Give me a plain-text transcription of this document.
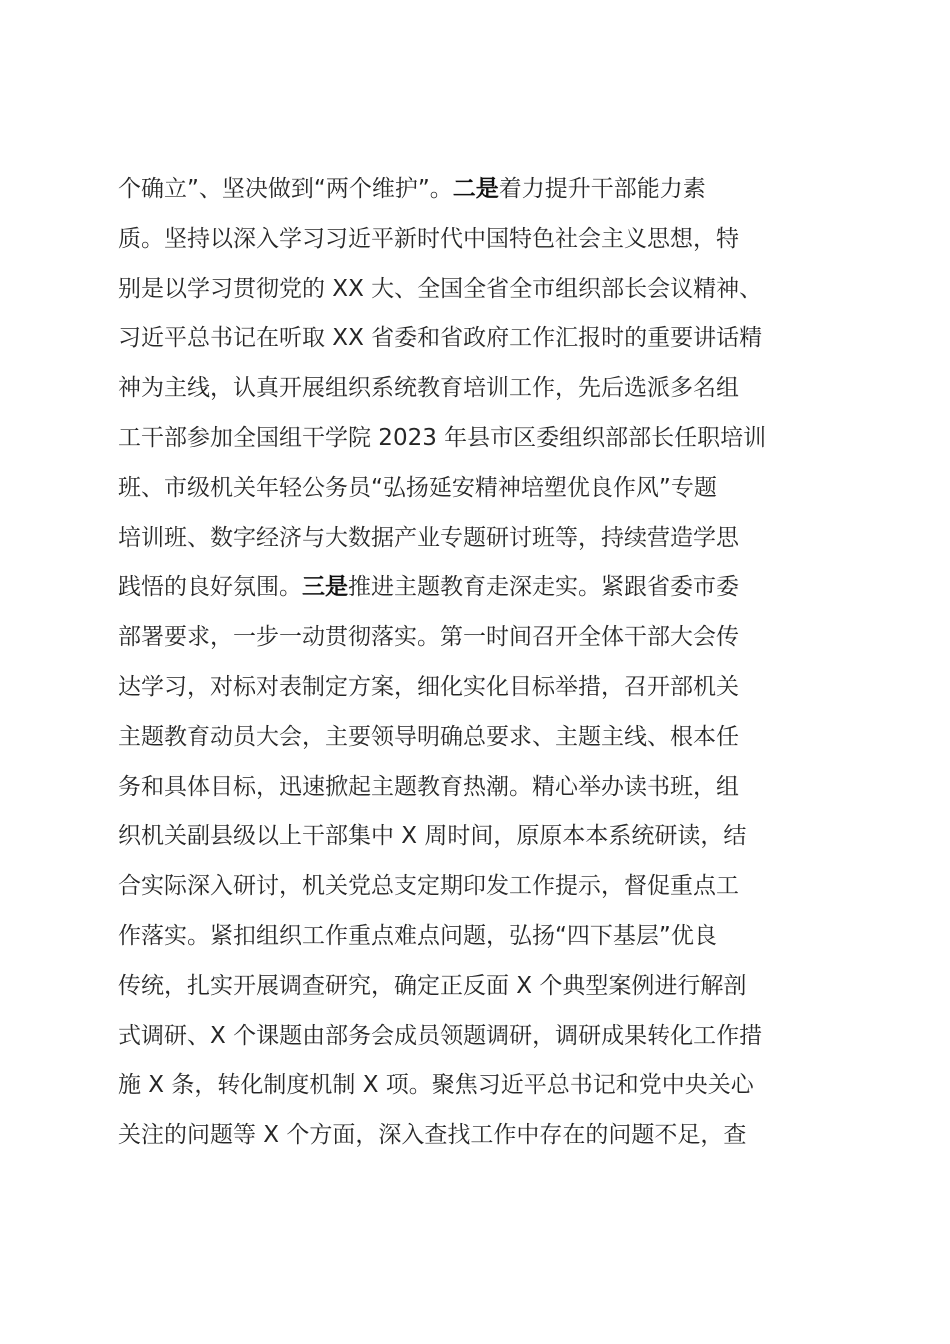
个确立”、坚决做到“两个维护”。二是着力提升干部能力素
质。坚持以深入学习习近平新时代中国特色社会主义思想，特
别是以学习贯彻党的 XX 大、全国全省全市组织部长会议精神、
习近平总书记在听取 XX 省委和省政府工作汇报时的重要讲话精
神为主线，认真开展组织系统教育培训工作，先后选派多名组
工干部参加全国组干学院 2023 年县市区委组织部部长任职培训
班、市级机关年轻公务员“弘扬延安精神培塑优良作风”专题
培训班、数字经济与大数据产业专题研讨班等，持续营造学思
践悟的良好氛围。三是推进主题教育走深走实。紧跟省委市委
部署要求，一步一动贯彻落实。第一时间召开全体干部大会传
达学习，对标对表制定方案，细化实化目标举措，召开部机关
主题教育动员大会，主要领导明确总要求、主题主线、根本任
务和具体目标，迅速掀起主题教育热潮。精心举办读书班，组
织机关副县级以上干部集中 X 周时间，原原本本系统研读，结
合实际深入研讨，机关党总支定期印发工作提示，督促重点工
作落实。紧扣组织工作重点难点问题，弘扬“四下基层”优良
传统，扎实开展调查研究，确定正反面 X 个典型案例进行解剖
式调研、X 个课题由部务会成员领题调研，调研成果转化工作措
施 X 条，转化制度机制 X 项。聚焦习近平总书记和党中央关心
关注的问题等 X 个方面，深入查找工作中存在的问题不足，查
